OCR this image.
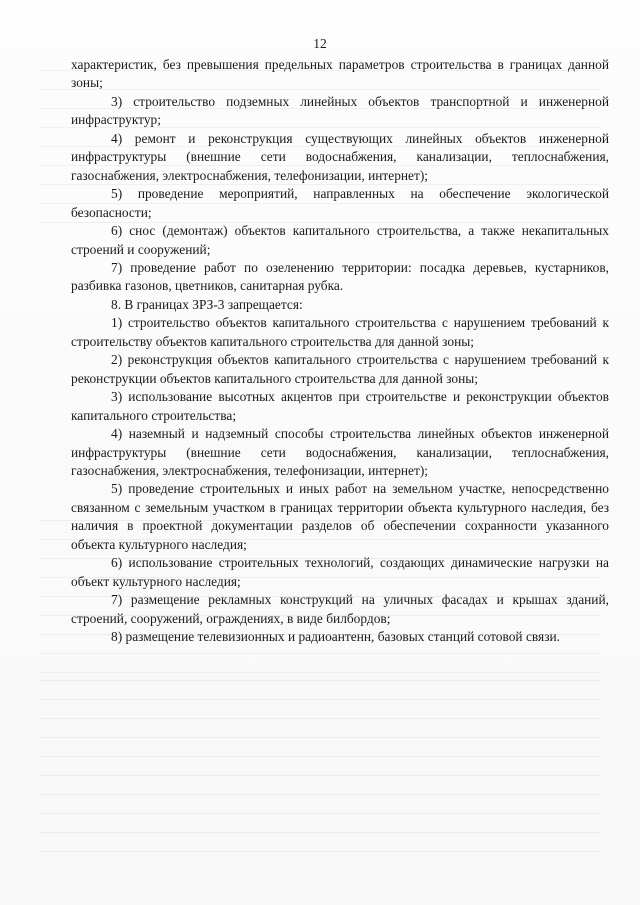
12

характеристик, без превышения предельных параметров строительства в границах данной зоны;

3) строительство подземных линейных объектов транспортной и инженерной инфраструктур;

4) ремонт и реконструкция существующих линейных объектов инженерной инфраструктуры (внешние сети водоснабжения, канализации, теплоснабжения, газоснабжения, электроснабжения, телефонизации, интернет);

5) проведение мероприятий, направленных на обеспечение экологической безопасности;

6) снос (демонтаж) объектов капитального строительства, а также некапитальных строений и сооружений;

7) проведение работ по озеленению территории: посадка деревьев, кустарников, разбивка газонов, цветников, санитарная рубка.

8. В границах ЗРЗ-3 запрещается:

1) строительство объектов капитального строительства с нарушением требований к строительству объектов капитального строительства для данной зоны;

2) реконструкция объектов капитального строительства с нарушением требований к реконструкции объектов капитального строительства для данной зоны;

3) использование высотных акцентов при строительстве и реконструкции объектов капитального строительства;

4) наземный и надземный способы строительства линейных объектов инженерной инфраструктуры (внешние сети водоснабжения, канализации, теплоснабжения, газоснабжения, электроснабжения, телефонизации, интернет);

5) проведение строительных и иных работ на земельном участке, непосредственно связанном с земельным участком в границах территории объекта культурного наследия, без наличия в проектной документации разделов об обеспечении сохранности указанного объекта культурного наследия;

6) использование строительных технологий, создающих динамические нагрузки на объект культурного наследия;

7) размещение рекламных конструкций на уличных фасадах и крышах зданий, строений, сооружений, ограждениях, в виде билбордов;

8) размещение телевизионных и радиоантенн, базовых станций сотовой связи.
